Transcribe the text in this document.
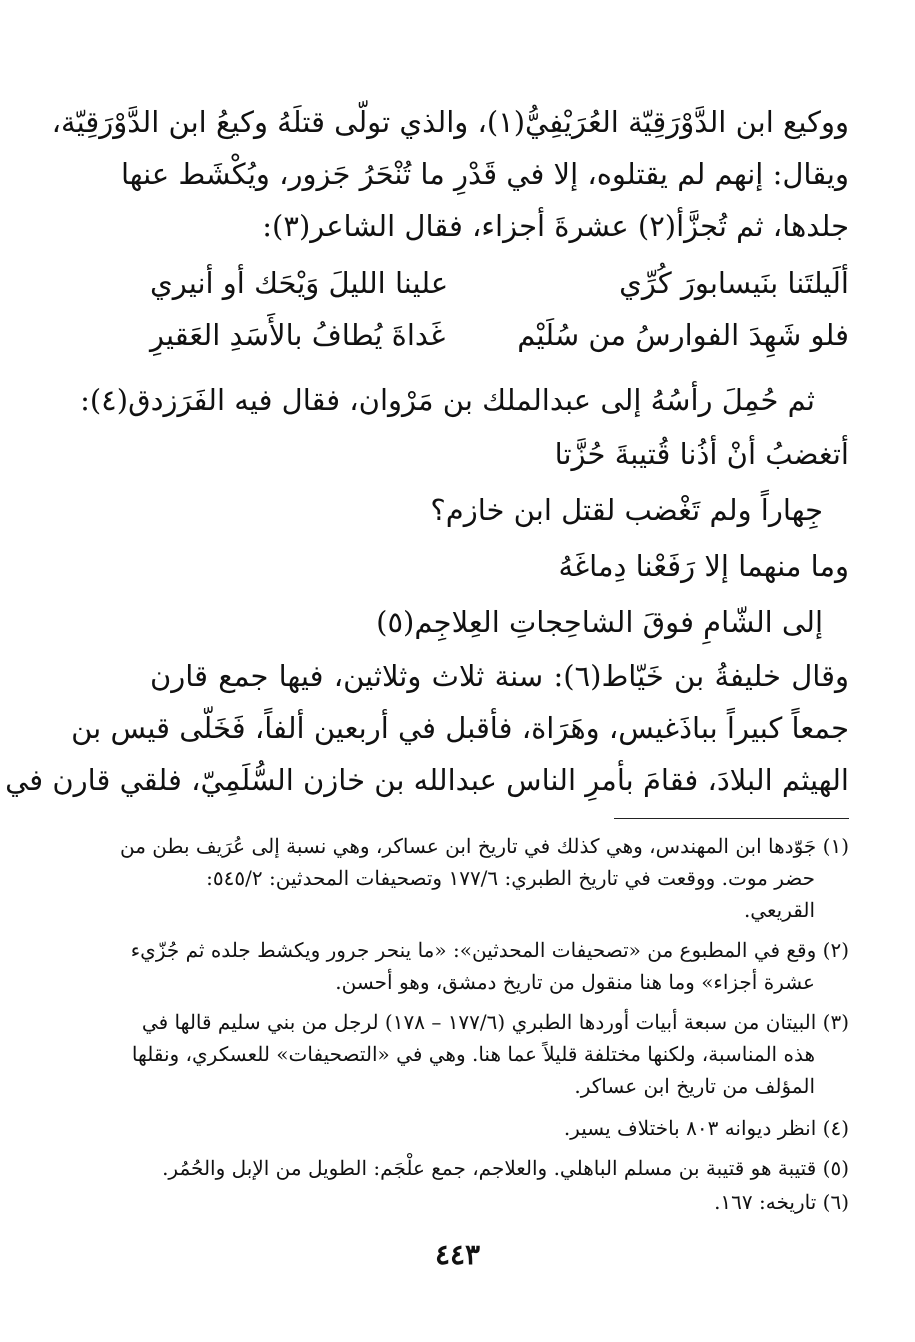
ووكيع ابن الدَّوْرَقِيّة العُرَيْفِيُّ(١)، والذي تولّى قتلَهُ وكيعُ ابن الدَّوْرَقِيّة،
ويقال: إنهم لم يقتلوه، إلا في قَدْرِ ما تُنْحَرُ جَزور، ويُكْشَط عنها
جلدها، ثم تُجزَّأ(٢) عشرةَ أجزاء، فقال الشاعر(٣):
ألَيلتَنا بنَيسابورَ كُرِّي
علينا الليلَ وَيْحَك أو أنيري
فلو شَهِدَ الفوارسُ من سُلَيْم
غَداةَ يُطافُ بالأَسَدِ العَقيرِ
ثم حُمِلَ رأسُهُ إلى عبدالملك بن مَرْوان، فقال فيه الفَرَزدق(٤):
أتغضبُ أنْ أذُنا قُتيبةَ حُزَّتا
جِهاراً ولم تَغْضب لقتل ابن خازم؟
وما منهما إلا رَفَعْنا دِماغَهُ
إلى الشّامِ فوقَ الشاحِجاتِ العِلاجِم(٥)
وقال خليفةُ بن خَيّاط(٦): سنة ثلاث وثلاثين، فيها جمع قارن
جمعاً كبيراً بباذَغيس، وهَرَاة، فأقبل في أربعين ألفاً، فَخَلّى قيس بن
الهيثم البلادَ، فقامَ بأمرِ الناس عبدالله بن خازن السُّلَمِيّ، فلقي قارن في
(١) جَوّدها ابن المهندس، وهي كذلك في تاريخ ابن عساكر، وهي نسبة إلى عُرَيف بطن من
حضر موت. ووقعت في تاريخ الطبري: ١٧٧/٦ وتصحيفات المحدثين: ٥٤٥/٢:
القريعي.
(٢) وقع في المطبوع من «تصحيفات المحدثين»: «ما ينحر جرور ويكشط جلده ثم جُزّيء
عشرة أجزاء» وما هنا منقول من تاريخ دمشق، وهو أحسن.
(٣) البيتان من سبعة أبيات أوردها الطبري (١٧٧/٦ – ١٧٨) لرجل من بني سليم قالها في
هذه المناسبة، ولكنها مختلفة قليلاً عما هنا. وهي في «التصحيفات» للعسكري، ونقلها
المؤلف من تاريخ ابن عساكر.
(٤) انظر ديوانه ٨٠٣ باختلاف يسير.
(٥) قتيبة هو قتيبة بن مسلم الباهلي. والعلاجم، جمع علْجَم: الطويل من الإبل والحُمُر.
(٦) تاريخه: ١٦٧.
٤٤٣
